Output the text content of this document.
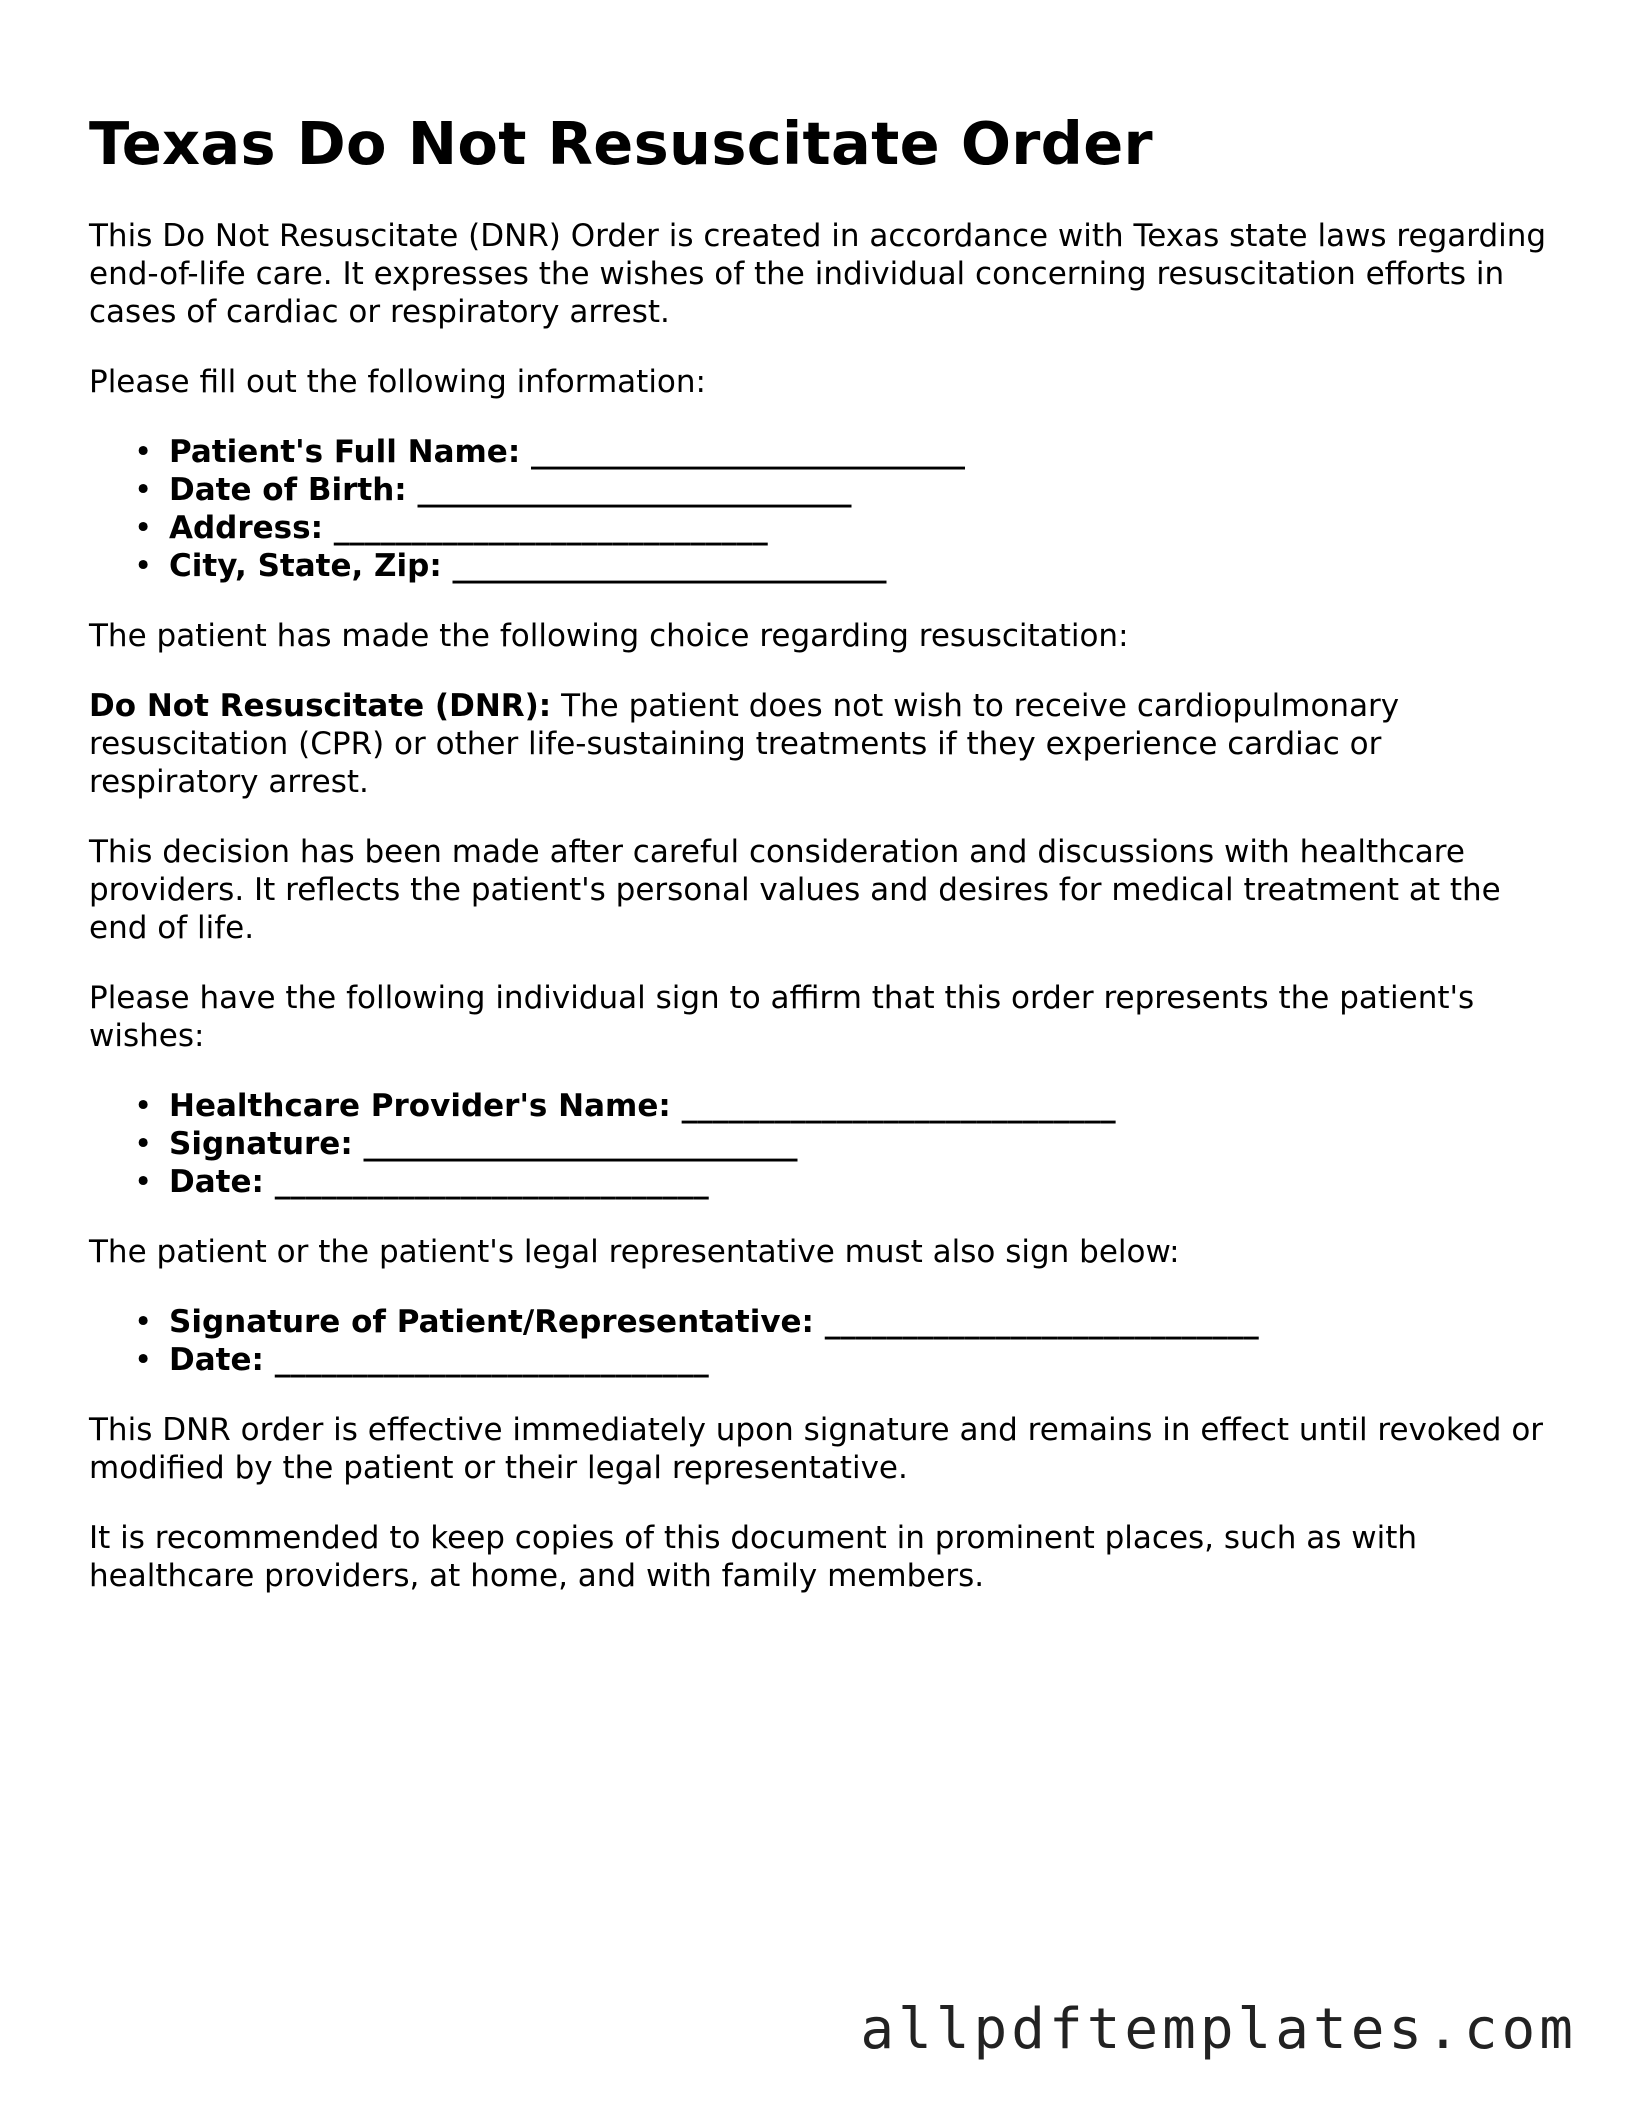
Texas Do Not Resuscitate Order

This Do Not Resuscitate (DNR) Order is created in accordance with Texas state laws regarding end-of-life care. It expresses the wishes of the individual concerning resuscitation efforts in cases of cardiac or respiratory arrest.

Please fill out the following information:

• Patient's Full Name: ____________________________
• Date of Birth: ____________________________
• Address: ____________________________
• City, State, Zip: ____________________________

The patient has made the following choice regarding resuscitation:

Do Not Resuscitate (DNR): The patient does not wish to receive cardiopulmonary resuscitation (CPR) or other life-sustaining treatments if they experience cardiac or respiratory arrest.

This decision has been made after careful consideration and discussions with healthcare providers. It reflects the patient's personal values and desires for medical treatment at the end of life.

Please have the following individual sign to affirm that this order represents the patient's wishes:

• Healthcare Provider's Name: ____________________________
• Signature: ____________________________
• Date: ____________________________

The patient or the patient's legal representative must also sign below:

• Signature of Patient/Representative: ____________________________
• Date: ____________________________

This DNR order is effective immediately upon signature and remains in effect until revoked or modified by the patient or their legal representative.

It is recommended to keep copies of this document in prominent places, such as with healthcare providers, at home, and with family members.

allpdftemplates.com
